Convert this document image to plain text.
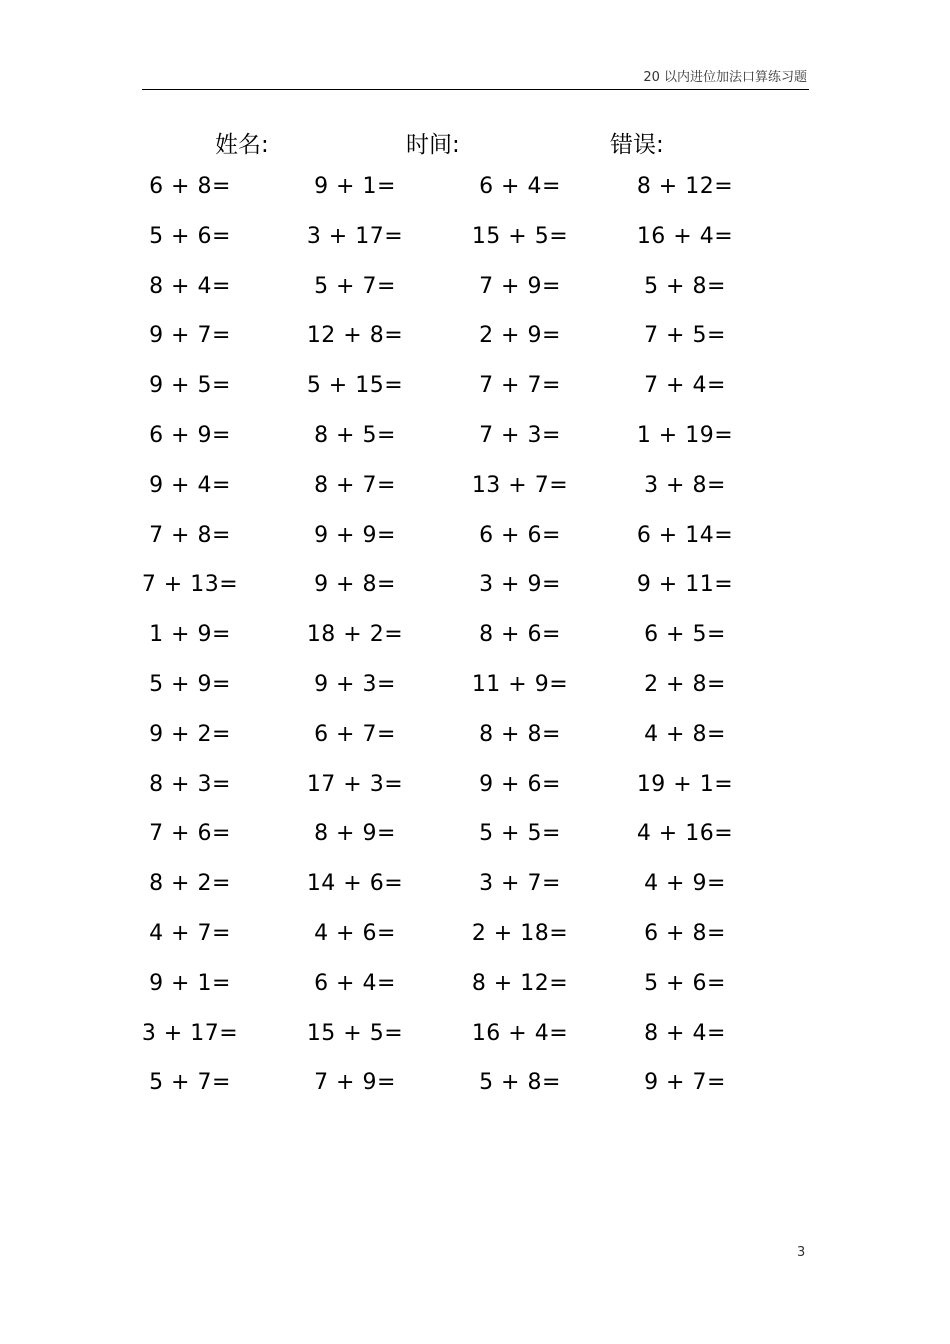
20 以内进位加法口算练习题
姓名:	时间:	错误:
6 + 8=	9 + 1=	6 + 4=	8 + 12=
5 + 6=	3 + 17=	15 + 5=	16 + 4=
8 + 4=	5 + 7=	7 + 9=	5 + 8=
9 + 7=	12 + 8=	2 + 9=	7 + 5=
9 + 5=	5 + 15=	7 + 7=	7 + 4=
6 + 9=	8 + 5=	7 + 3=	1 + 19=
9 + 4=	8 + 7=	13 + 7=	3 + 8=
7 + 8=	9 + 9=	6 + 6=	6 + 14=
7 + 13=	9 + 8=	3 + 9=	9 + 11=
1 + 9=	18 + 2=	8 + 6=	6 + 5=
5 + 9=	9 + 3=	11 + 9=	2 + 8=
9 + 2=	6 + 7=	8 + 8=	4 + 8=
8 + 3=	17 + 3=	9 + 6=	19 + 1=
7 + 6=	8 + 9=	5 + 5=	4 + 16=
8 + 2=	14 + 6=	3 + 7=	4 + 9=
4 + 7=	4 + 6=	2 + 18=	6 + 8=
9 + 1=	6 + 4=	8 + 12=	5 + 6=
3 + 17=	15 + 5=	16 + 4=	8 + 4=
5 + 7=	7 + 9=	5 + 8=	9 + 7=
3
